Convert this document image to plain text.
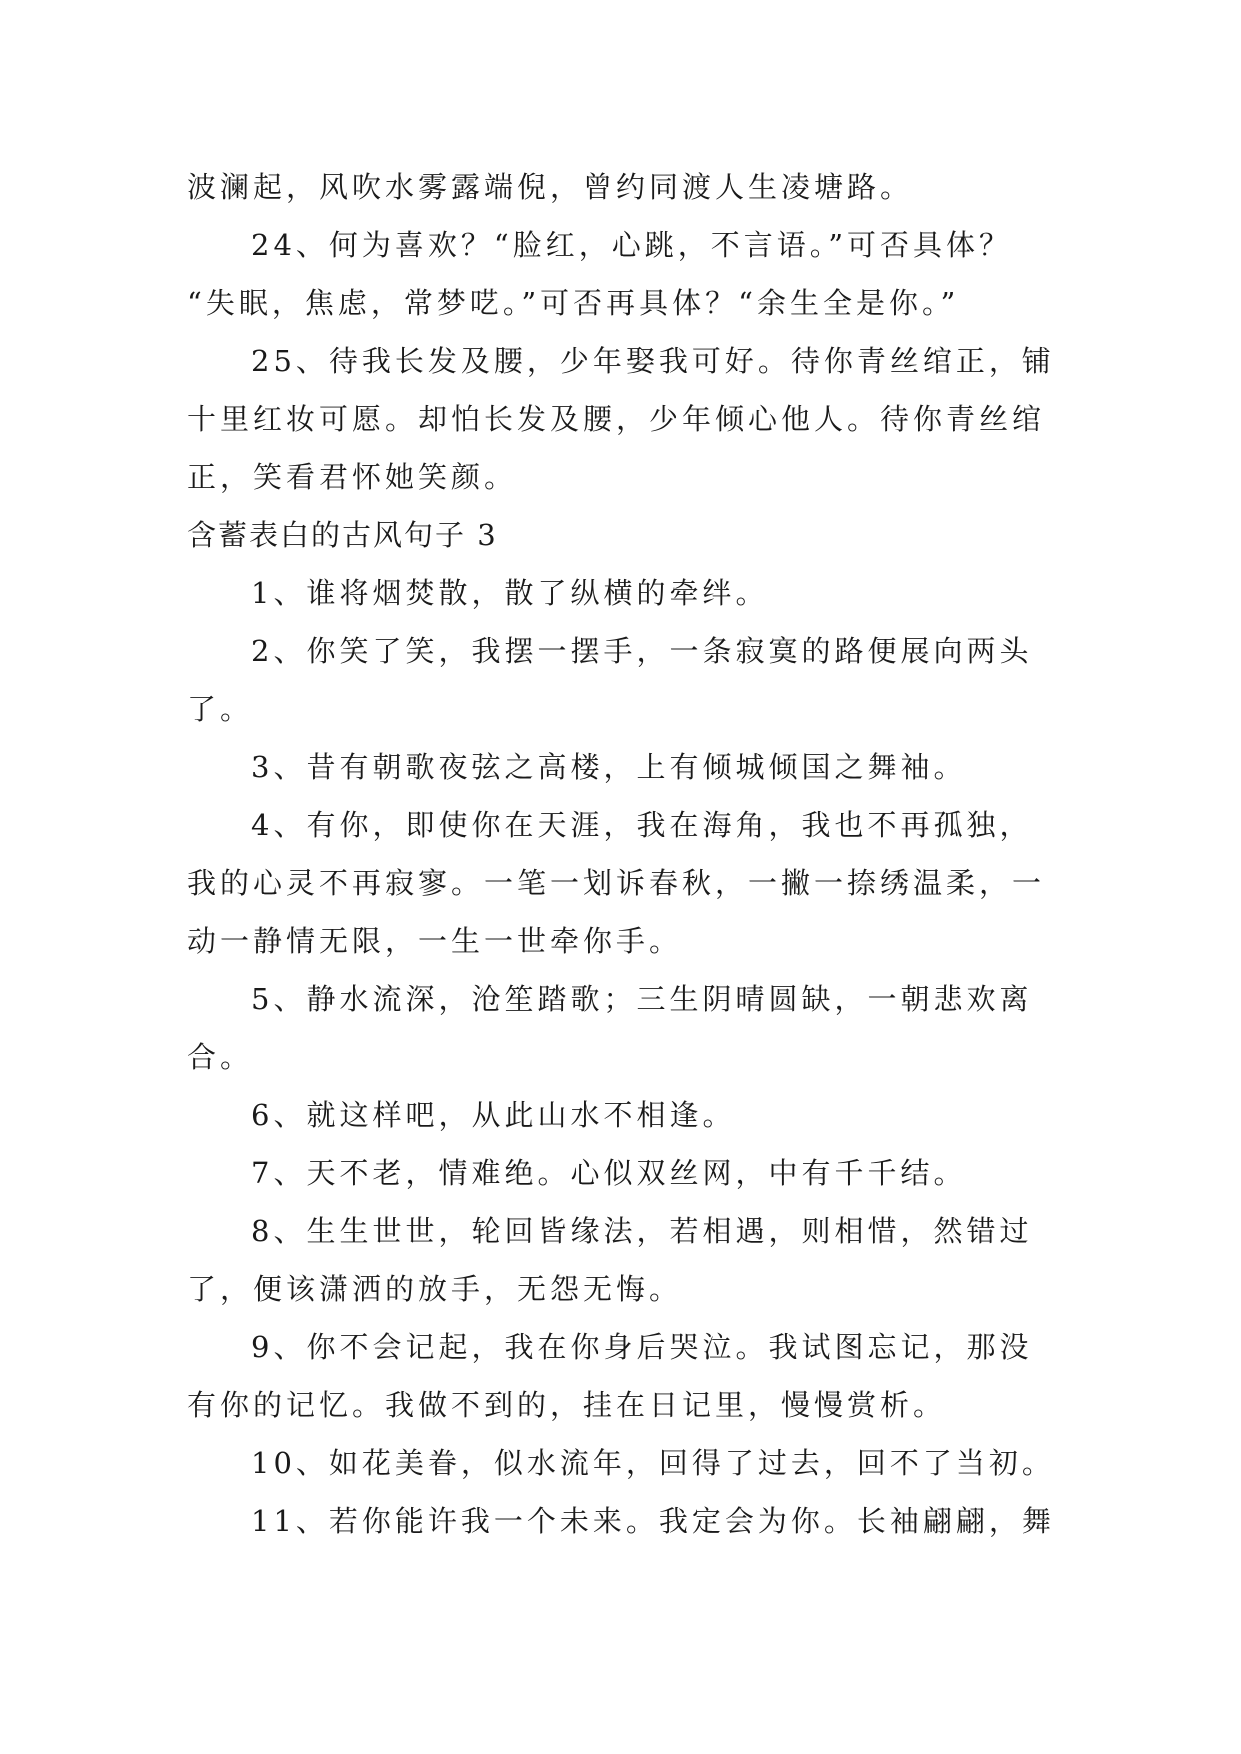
波澜起，风吹水雾露端倪，曾约同渡人生凌塘路。
24、何为喜欢？“脸红，心跳，不言语。”可否具体？
“失眠，焦虑，常梦呓。”可否再具体？“余生全是你。”
25、待我长发及腰，少年娶我可好。待你青丝绾正，铺
十里红妆可愿。却怕长发及腰，少年倾心他人。待你青丝绾
正，笑看君怀她笑颜。
含蓄表白的古风句子 3
1、谁将烟焚散，散了纵横的牵绊。
2、你笑了笑，我摆一摆手，一条寂寞的路便展向两头
了。
3、昔有朝歌夜弦之高楼，上有倾城倾国之舞袖。
4、有你，即使你在天涯，我在海角，我也不再孤独，
我的心灵不再寂寥。一笔一划诉春秋，一撇一捺绣温柔，一
动一静情无限，一生一世牵你手。
5、静水流深，沧笙踏歌；三生阴晴圆缺，一朝悲欢离
合。
6、就这样吧，从此山水不相逢。
7、天不老，情难绝。心似双丝网，中有千千结。
8、生生世世，轮回皆缘法，若相遇，则相惜，然错过
了，便该潇洒的放手，无怨无悔。
9、你不会记起，我在你身后哭泣。我试图忘记，那没
有你的记忆。我做不到的，挂在日记里，慢慢赏析。
10、如花美眷，似水流年，回得了过去，回不了当初。
11、若你能许我一个未来。我定会为你。长袖翩翩，舞
